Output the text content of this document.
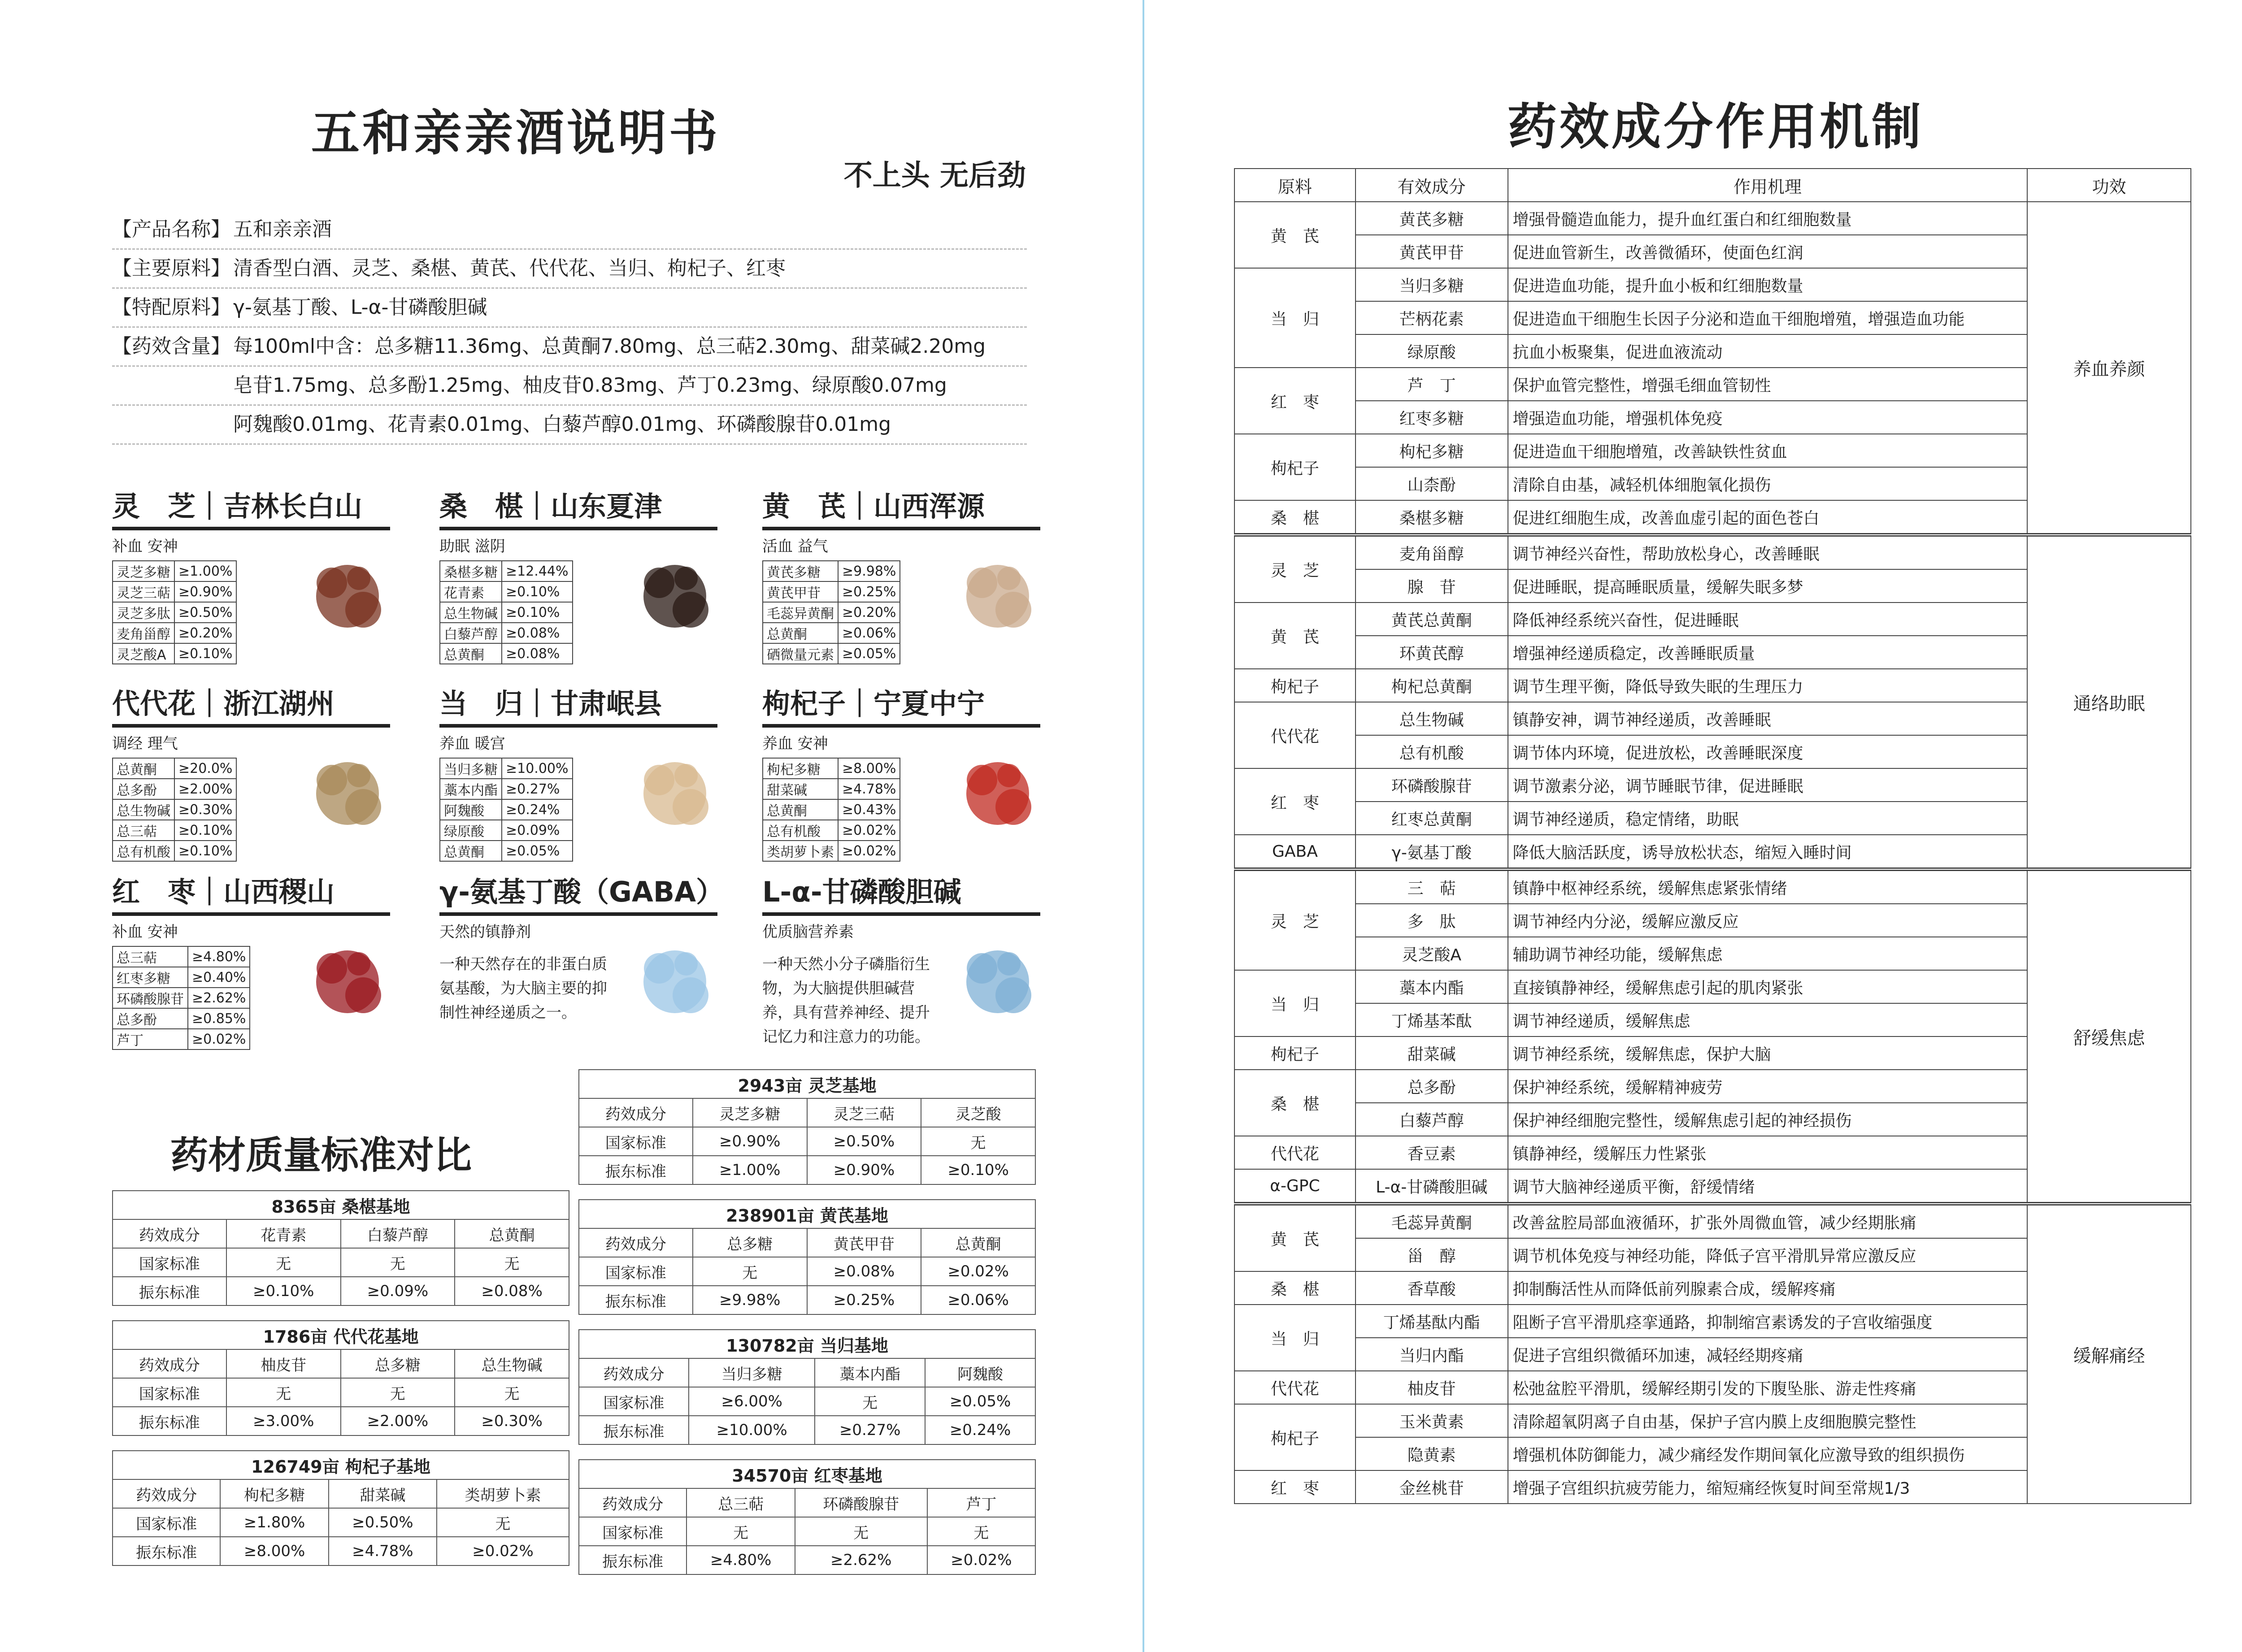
五和亲亲酒说明书
不上头 无后劲
【产品名称】 五和亲亲酒
【主要原料】 清香型白酒、灵芝、桑椹、黄芪、代代花、当归、枸杞子、红枣
【特配原料】 γ-氨基丁酸、L-α-甘磷酸胆碱
【药效含量】 每100ml中含：总多糖11.36mg、总黄酮7.80mg、总三萜2.30mg、甜菜碱2.20mg
皂苷1.75mg、总多酚1.25mg、柚皮苷0.83mg、芦丁0.23mg、绿原酸0.07mg
阿魏酸0.01mg、花青素0.01mg、白藜芦醇0.01mg、环磷酸腺苷0.01mg
灵　芝｜吉林长白山
补血 安神
灵芝多糖	≥1.00%
灵芝三萜	≥0.90%
灵芝多肽	≥0.50%
麦角甾醇	≥0.20%
灵芝酸A	≥0.10%
桑　椹｜山东夏津
助眠 滋阴
桑椹多糖	≥12.44%
花青素	≥0.10%
总生物碱	≥0.10%
白藜芦醇	≥0.08%
总黄酮	≥0.08%
黄　芪｜山西浑源
活血 益气
黄芪多糖	≥9.98%
黄芪甲苷	≥0.25%
毛蕊异黄酮	≥0.20%
总黄酮	≥0.06%
硒微量元素	≥0.05%
代代花｜浙江湖州
调经 理气
总黄酮	≥20.0%
总多酚	≥2.00%
总生物碱	≥0.30%
总三萜	≥0.10%
总有机酸	≥0.10%
当　归｜甘肃岷县
养血 暖宫
当归多糖	≥10.00%
藁本内酯	≥0.27%
阿魏酸	≥0.24%
绿原酸	≥0.09%
总黄酮	≥0.05%
枸杞子｜宁夏中宁
养血 安神
枸杞多糖	≥8.00%
甜菜碱	≥4.78%
总黄酮	≥0.43%
总有机酸	≥0.02%
类胡萝卜素	≥0.02%
红　枣｜山西稷山
补血 安神
总三萜	≥4.80%
红枣多糖	≥0.40%
环磷酸腺苷	≥2.62%
总多酚	≥0.85%
芦丁	≥0.02%
γ-氨基丁酸（GABA）
天然的镇静剂
一种天然存在的非蛋白质氨基酸，为大脑主要的抑制性神经递质之一。
L-α-甘磷酸胆碱
优质脑营养素
一种天然小分子磷脂衍生物，为大脑提供胆碱营养，具有营养神经、提升记忆力和注意力的功能。
药材质量标准对比
8365亩 桑椹基地			
药效成分	花青素	白藜芦醇	总黄酮
国家标准	无	无	无
振东标准	≥0.10%	≥0.09%	≥0.08%
1786亩 代代花基地			
药效成分	柚皮苷	总多糖	总生物碱
国家标准	无	无	无
振东标准	≥3.00%	≥2.00%	≥0.30%
126749亩 枸杞子基地			
药效成分	枸杞多糖	甜菜碱	类胡萝卜素
国家标准	≥1.80%	≥0.50%	无
振东标准	≥8.00%	≥4.78%	≥0.02%
2943亩 灵芝基地			
药效成分	灵芝多糖	灵芝三萜	灵芝酸
国家标准	≥0.90%	≥0.50%	无
振东标准	≥1.00%	≥0.90%	≥0.10%
238901亩 黄芪基地			
药效成分	总多糖	黄芪甲苷	总黄酮
国家标准	无	≥0.08%	≥0.02%
振东标准	≥9.98%	≥0.25%	≥0.06%
130782亩 当归基地			
药效成分	当归多糖	藁本内酯	阿魏酸
国家标准	≥6.00%	无	≥0.05%
振东标准	≥10.00%	≥0.27%	≥0.24%
34570亩 红枣基地			
药效成分	总三萜	环磷酸腺苷	芦丁
国家标准	无	无	无
振东标准	≥4.80%	≥2.62%	≥0.02%
药效成分作用机制
原料	有效成分	作用机理	功效
黄　芪	黄芪多糖	增强骨髓造血能力，提升血红蛋白和红细胞数量	养血养颜
	黄芪甲苷	促进血管新生，改善微循环，使面色红润	
当　归	当归多糖	促进造血功能，提升血小板和红细胞数量	
	芒柄花素	促进造血干细胞生长因子分泌和造血干细胞增殖，增强造血功能	
	绿原酸	抗血小板聚集，促进血液流动	
红　枣	芦　丁	保护血管完整性，增强毛细血管韧性	
	红枣多糖	增强造血功能，增强机体免疫	
枸杞子	枸杞多糖	促进造血干细胞增殖，改善缺铁性贫血	
	山柰酚	清除自由基，减轻机体细胞氧化损伤	
桑　椹	桑椹多糖	促进红细胞生成，改善血虚引起的面色苍白	
灵　芝	麦角甾醇	调节神经兴奋性，帮助放松身心，改善睡眠	通络助眠
	腺　苷	促进睡眠，提高睡眠质量，缓解失眠多梦	
黄　芪	黄芪总黄酮	降低神经系统兴奋性，促进睡眠	
	环黄芪醇	增强神经递质稳定，改善睡眠质量	
枸杞子	枸杞总黄酮	调节生理平衡，降低导致失眠的生理压力	
代代花	总生物碱	镇静安神，调节神经递质，改善睡眠	
	总有机酸	调节体内环境，促进放松，改善睡眠深度	
红　枣	环磷酸腺苷	调节激素分泌，调节睡眠节律，促进睡眠	
	红枣总黄酮	调节神经递质，稳定情绪，助眠	
GABA	γ-氨基丁酸	降低大脑活跃度，诱导放松状态，缩短入睡时间	
灵　芝	三　萜	镇静中枢神经系统，缓解焦虑紧张情绪	舒缓焦虑
	多　肽	调节神经内分泌，缓解应激反应	
	灵芝酸A	辅助调节神经功能，缓解焦虑	
当　归	藁本内酯	直接镇静神经，缓解焦虑引起的肌肉紧张	
	丁烯基苯酞	调节神经递质，缓解焦虑	
枸杞子	甜菜碱	调节神经系统，缓解焦虑，保护大脑	
桑　椹	总多酚	保护神经系统，缓解精神疲劳	
	白藜芦醇	保护神经细胞完整性，缓解焦虑引起的神经损伤	
代代花	香豆素	镇静神经，缓解压力性紧张	
α-GPC	L-α-甘磷酸胆碱	调节大脑神经递质平衡，舒缓情绪	
黄　芪	毛蕊异黄酮	改善盆腔局部血液循环，扩张外周微血管，减少经期胀痛	缓解痛经
	甾　醇	调节机体免疫与神经功能，降低子宫平滑肌异常应激反应	
桑　椹	香草酸	抑制酶活性从而降低前列腺素合成，缓解疼痛	
当　归	丁烯基酞内酯	阻断子宫平滑肌痉挛通路，抑制缩宫素诱发的子宫收缩强度	
	当归内酯	促进子宫组织微循环加速，减轻经期疼痛	
代代花	柚皮苷	松弛盆腔平滑肌，缓解经期引发的下腹坠胀、游走性疼痛	
枸杞子	玉米黄素	清除超氧阴离子自由基，保护子宫内膜上皮细胞膜完整性	
	隐黄素	增强机体防御能力，减少痛经发作期间氧化应激导致的组织损伤	
红　枣	金丝桃苷	增强子宫组织抗疲劳能力，缩短痛经恢复时间至常规1/3	
